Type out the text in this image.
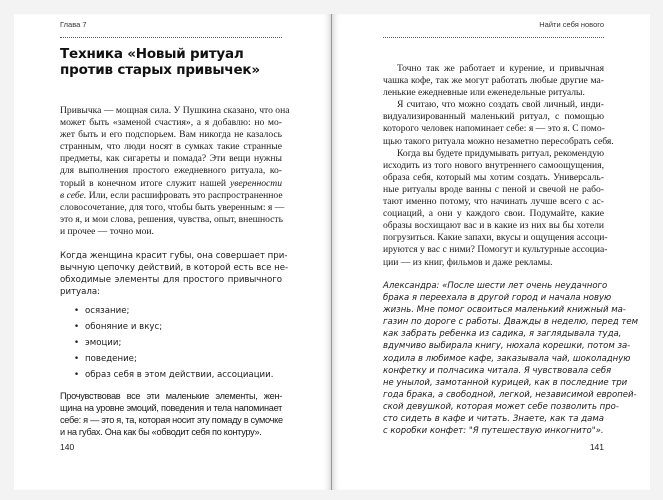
Глава 7
Техника «Новый ритуал
против старых привычек»
Привычка — мощная сила. У Пушкина сказано, что она
может быть «заменой счастия», а я добавлю: но мо-
жет быть и его подспорьем. Вам никогда не казалось
странным, что люди носят в сумках такие странные
предметы, как сигареты и помада? Эти вещи нужны
для выполнения простого ежедневного ритуала, ко-
торый в конечном итоге служит нашей уверенности
в себе. Или, если расшифровать это распространенное
словосочетание, для того, чтобы быть уверенным: я —
это я, и мои слова, решения, чувства, опыт, внешность
и прочее — точно мои.
Когда женщина красит губы, она совершает при-
вычную цепочку действий, в которой есть все не-
обходимые элементы для простого привычного
ритуала:
• осязание;
• обоняние и вкус;
• эмоции;
• поведение;
• образ себя в этом действии, ассоциации.
Прочувствовав все эти маленькие элементы, жен-
щина на уровне эмоций, поведения и тела напоминает
себе: я — это я, та, которая носит эту помаду в сумочке
и на губах. Она как бы «обводит себя по контуру».
140
Найти себя нового
Точно так же работает и курение, и привычная
чашка кофе, так же могут работать любые другие ма-
ленькие ежедневные или еженедельные ритуалы.
Я считаю, что можно создать свой личный, инди-
видуализированный маленький ритуал, с помощью
которого человек напоминает себе: я — это я. С помо-
щью такого ритуала можно незаметно пересобрать себя.
Когда вы будете придумывать ритуал, рекомендую
исходить из того нового внутреннего самоощущения,
образа себя, который мы хотим создать. Универсаль-
ные ритуалы вроде ванны с пеной и свечой не рабо-
тают именно потому, что начинать лучше всего с ас-
социаций, а они у каждого свои. Подумайте, какие
образы восхищают вас и в какие из них вы бы хотели
погрузиться. Какие запахи, вкусы и ощущения ассоци-
ируются у вас с ними? Помогут и культурные ассоциа-
ции — из книг, фильмов и даже рекламы.
Александра: «После шести лет очень неудачного
брака я переехала в другой город и начала новую
жизнь. Мне помог освоиться маленький книжный ма-
газин по дороге с работы. Дважды в неделю, перед тем
как забрать ребенка из садика, я заглядывала туда,
вдумчиво выбирала книгу, нюхала корешки, потом за-
ходила в любимое кафе, заказывала чай, шоколадную
конфетку и полчасика читала. Я чувствовала себя
не унылой, замотанной курицей, как в последние три
года брака, а свободной, легкой, независимой европей-
ской девушкой, которая может себе позволить про-
сто сидеть в кафе и читать. Знаете, как та дама
с коробки конфет: "Я путешествую инкогнито"».
141
